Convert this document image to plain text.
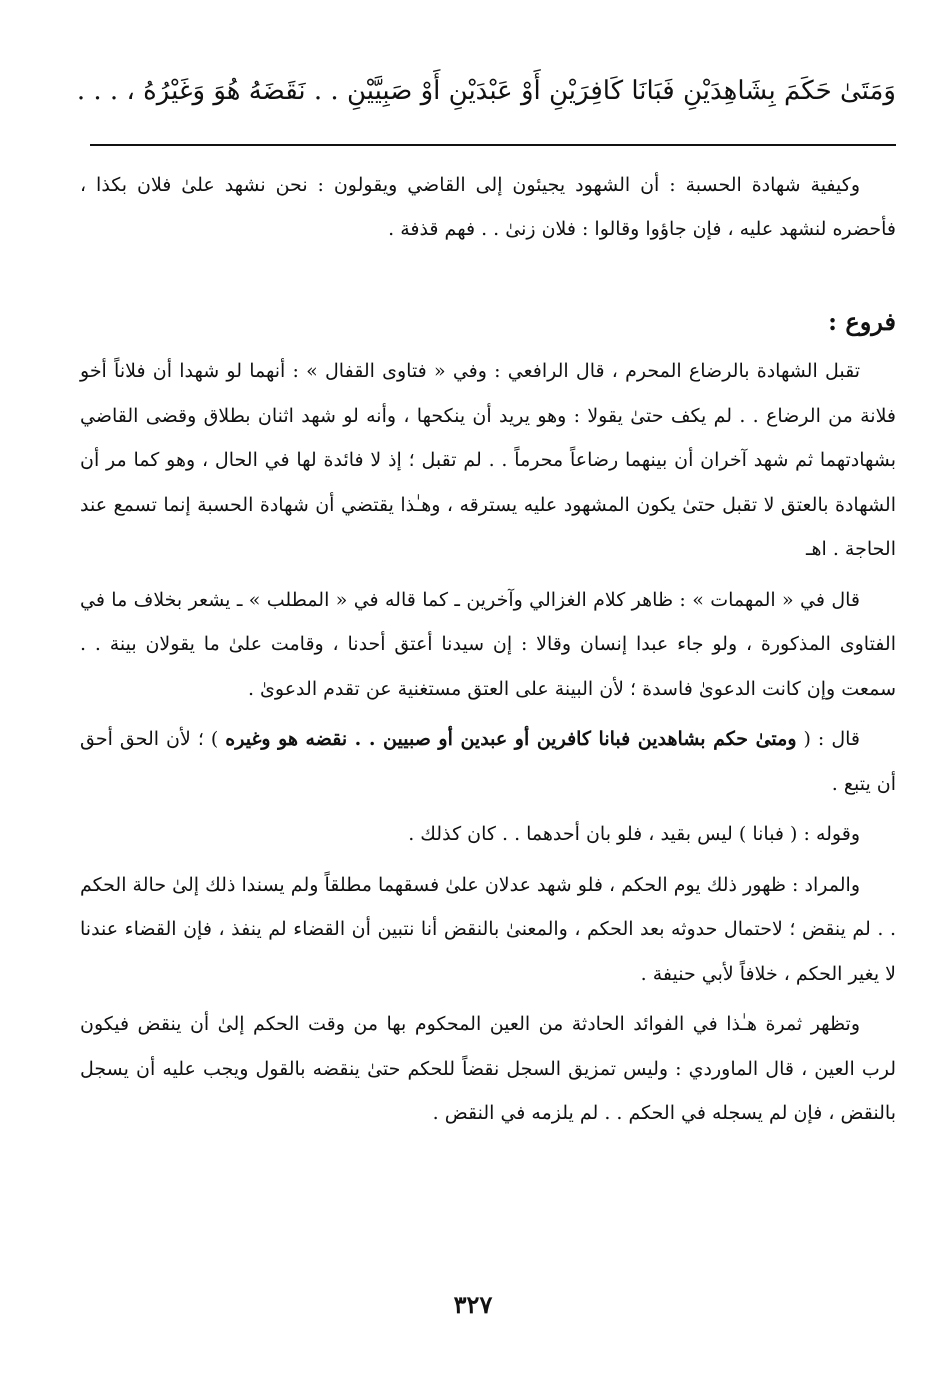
وَمَتَىٰ حَكَمَ بِشَاهِدَيْنِ فَبَانَا كَافِرَيْنِ أَوْ عَبْدَيْنِ أَوْ صَبِيَّيْنِ . . نَقَضَهُ هُوَ وَغَيْرُهُ ، . . .

وكيفية شهادة الحسبة : أن الشهود يجيئون إلى القاضي ويقولون : نحن نشهد علىٰ فلان بكذا ، فأحضره لنشهد عليه ، فإن جاؤوا وقالوا : فلان زنىٰ . . فهم قذفة .

فروع :

تقبل الشهادة بالرضاع المحرم ، قال الرافعي : وفي « فتاوى القفال » : أنهما لو شهدا أن فلاناً أخو فلانة من الرضاع . . لم يكف حتىٰ يقولا : وهو يريد أن ينكحها ، وأنه لو شهد اثنان بطلاق وقضى القاضي بشهادتهما ثم شهد آخران أن بينهما رضاعاً محرماً . . لم تقبل ؛ إذ لا فائدة لها في الحال ، وهو كما مر أن الشهادة بالعتق لا تقبل حتىٰ يكون المشهود عليه يسترقه ، وهـٰذا يقتضي أن شهادة الحسبة إنما تسمع عند الحاجة . اهـ

قال في « المهمات » : ظاهر كلام الغزالي وآخرين ـ كما قاله في « المطلب » ـ يشعر بخلاف ما في الفتاوى المذكورة ، ولو جاء عبدا إنسان وقالا : إن سيدنا أعتق أحدنا ، وقامت علىٰ ما يقولان بينة . . سمعت وإن كانت الدعوىٰ فاسدة ؛ لأن البينة على العتق مستغنية عن تقدم الدعوىٰ .

قال : ( ومتىٰ حكم بشاهدين فبانا كافرين أو عبدين أو صبيين . . نقضه هو وغيره ) ؛ لأن الحق أحق أن يتبع .

وقوله : ( فبانا ) ليس بقيد ، فلو بان أحدهما . . كان كذلك .

والمراد : ظهور ذلك يوم الحكم ، فلو شهد عدلان علىٰ فسقهما مطلقاً ولم يسندا ذلك إلىٰ حالة الحكم . . لم ينقض ؛ لاحتمال حدوثه بعد الحكم ، والمعنىٰ بالنقض أنا نتبين أن القضاء لم ينفذ ، فإن القضاء عندنا لا يغير الحكم ، خلافاً لأبي حنيفة .

وتظهر ثمرة هـٰذا في الفوائد الحادثة من العين المحكوم بها من وقت الحكم إلىٰ أن ينقض فيكون لرب العين ، قال الماوردي : وليس تمزيق السجل نقضاً للحكم حتىٰ ينقضه بالقول ويجب عليه أن يسجل بالنقض ، فإن لم يسجله في الحكم . . لم يلزمه في النقض .

٣٢٧
